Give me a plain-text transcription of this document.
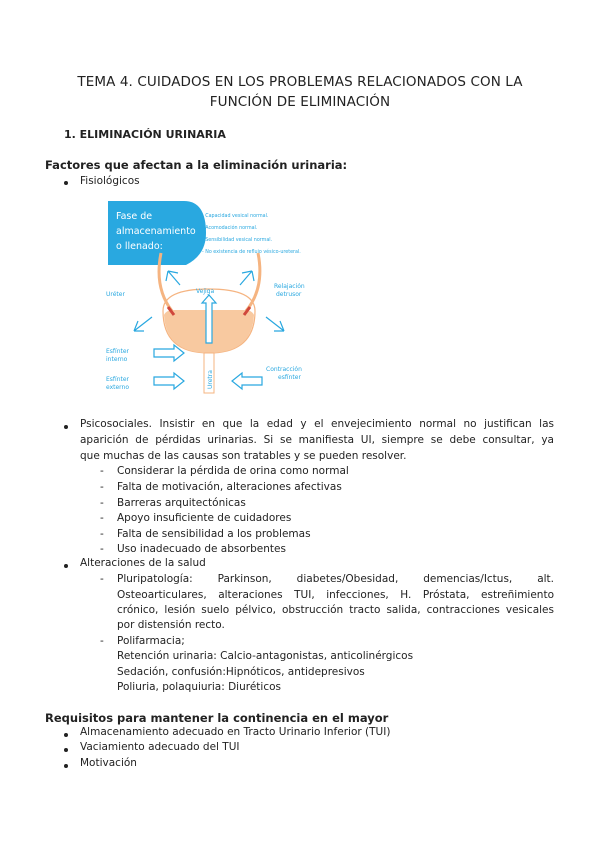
TEMA 4. CUIDADOS EN LOS PROBLEMAS RELACIONADOS CON LA
FUNCIÓN DE ELIMINACIÓN
1. ELIMINACIÓN URINARIA
Factores que afectan a la eliminación urinaria:
Fisiológicos
Fase de
almacenamiento
o llenado:
- Capacidad vesical normal.
- Acomodación normal.
- Sensibilidad vesical normal.
- No existencia de reflujo vésico-ureteral.
Uretra
Vejiga
Uréter
Relajación
detrusor
Esfínter
interno
Esfínter
externo
Contracción
esfínter
Psicosociales. Insistir en que la edad y el envejecimiento normal no justifican las
aparición de pérdidas urinarias. Si se manifiesta UI, siempre se debe consultar, ya
que muchas de las causas son tratables y se pueden resolver.
- Considerar la pérdida de orina como normal
- Falta de motivación, alteraciones afectivas
- Barreras arquitectónicas
- Apoyo insuficiente de cuidadores
- Falta de sensibilidad a los problemas
- Uso inadecuado de absorbentes
Alteraciones de la salud
- Pluripatología: Parkinson, diabetes/Obesidad, demencias/Ictus, alt.
Osteoarticulares, alteraciones TUI, infecciones, H. Próstata, estreñimiento
crónico, lesión suelo pélvico, obstrucción tracto salida, contracciones vesicales
por distensión recto.
- Polifarmacia;
Retención urinaria: Calcio-antagonistas, anticolinérgicos
Sedación, confusión:Hipnóticos, antidepresivos
Poliuria, polaquiuria: Diuréticos
Requisitos para mantener la continencia en el mayor
Almacenamiento adecuado en Tracto Urinario Inferior (TUI)
Vaciamiento adecuado del TUI
Motivación
